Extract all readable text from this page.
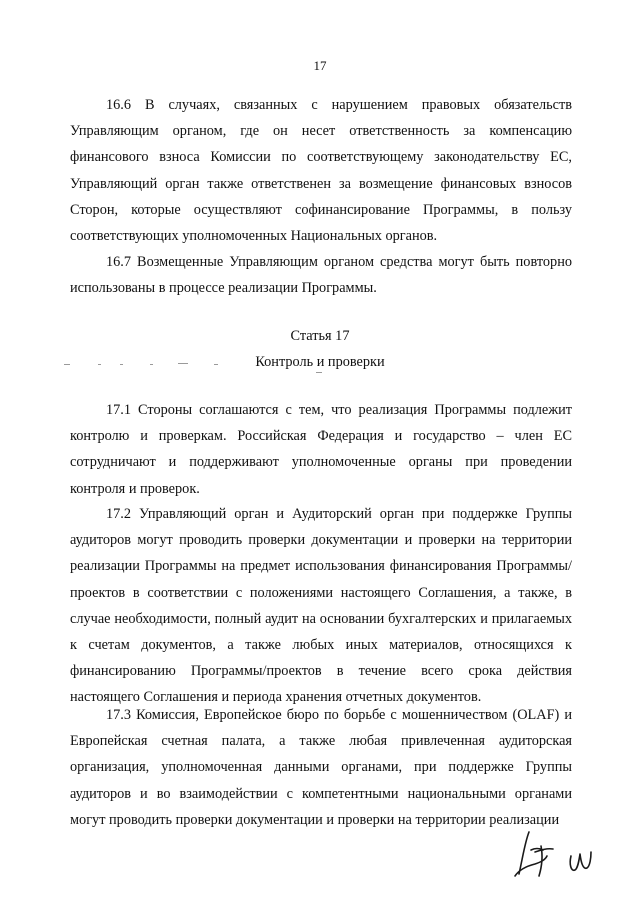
17

16.6 В случаях, связанных с нарушением правовых обязательств Управляющим органом, где он несет ответственность за компенсацию финансового взноса Комиссии по соответствующему законодательству ЕС, Управляющий орган также ответственен за возмещение финансовых взносов Сторон, которые осуществляют софинансирование Программы, в пользу соответствующих уполномоченных Национальных органов.

16.7 Возмещенные Управляющим органом средства могут быть повторно использованы в процессе реализации Программы.

Статья 17
Контроль и проверки

17.1 Стороны соглашаются с тем, что реализация Программы подлежит контролю и проверкам. Российская Федерация и государство – член ЕС сотрудничают и поддерживают уполномоченные органы при проведении контроля и проверок.

17.2 Управляющий орган и Аудиторский орган при поддержке Группы аудиторов могут проводить проверки документации и проверки на территории реализации Программы на предмет использования финансирования Программы/проектов в соответствии с положениями настоящего Соглашения, а также, в случае необходимости, полный аудит на основании бухгалтерских и прилагаемых к счетам документов, а также любых иных материалов, относящихся к финансированию Программы/проектов в течение всего срока действия настоящего Соглашения и периода хранения отчетных документов.

17.3 Комиссия, Европейское бюро по борьбе с мошенничеством (OLAF) и Европейская счетная палата, а также любая привлеченная аудиторская организация, уполномоченная данными органами, при поддержке Группы аудиторов и во взаимодействии с компетентными национальными органами могут проводить проверки документации и проверки на территории реализации
